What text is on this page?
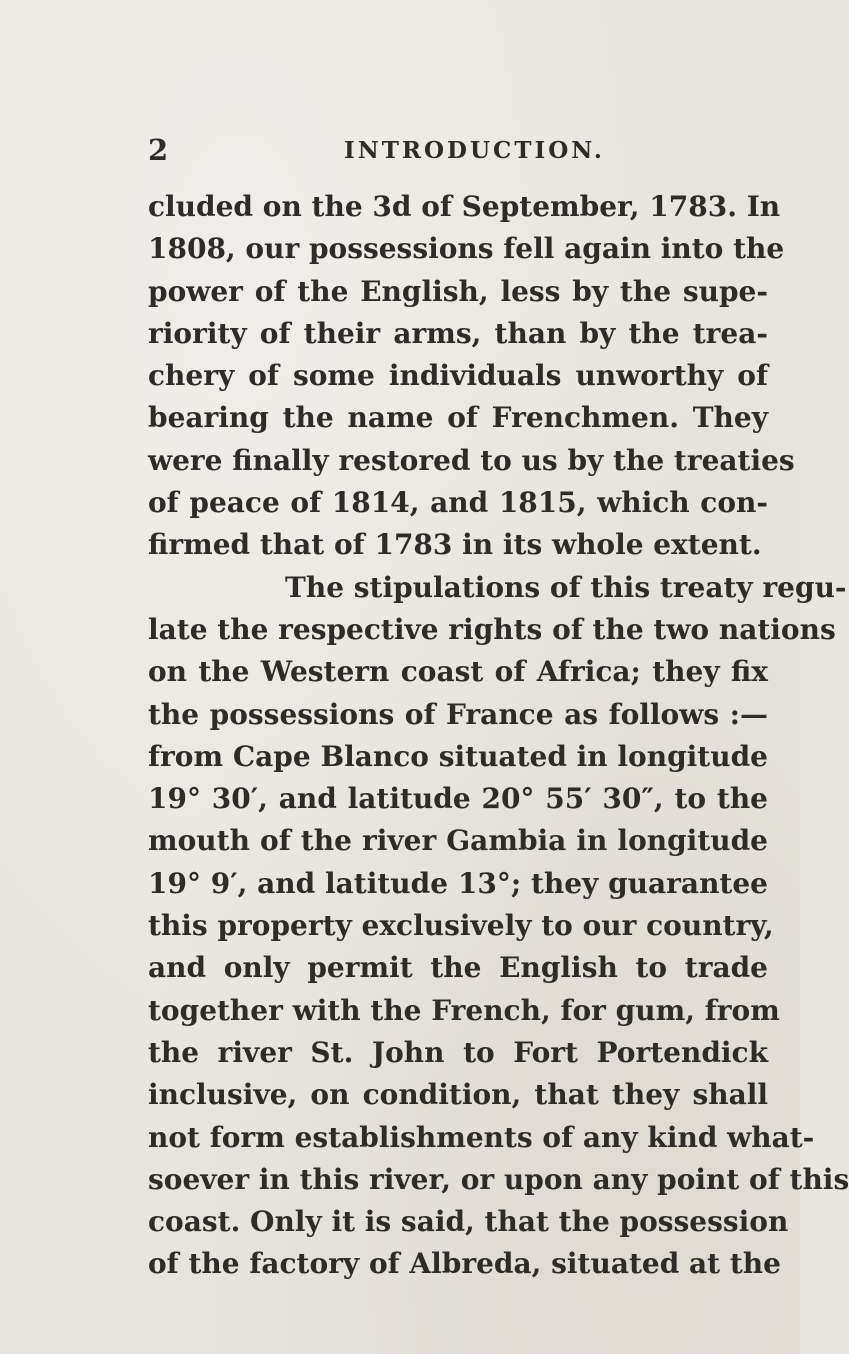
2	INTRODUCTION.
cluded on the 3d of September, 1783. In
1808, our possessions fell again into the
power of the English, less by the supe-
riority of their arms, than by the trea-
chery of some individuals unworthy of
bearing the name of Frenchmen. They
were finally restored to us by the treaties
of peace of 1814, and 1815, which con-
firmed that of 1783 in its whole extent.
The stipulations of this treaty regu-
late the respective rights of the two nations
on the Western coast of Africa; they fix
the possessions of France as follows :—
from Cape Blanco situated in longitude
19° 30′, and latitude 20° 55′ 30″, to the
mouth of the river Gambia in longitude
19° 9′, and latitude 13°; they guarantee
this property exclusively to our country,
and only permit the English to trade
together with the French, for gum, from
the river St. John to Fort Portendick
inclusive, on condition, that they shall
not form establishments of any kind what-
soever in this river, or upon any point of this
coast. Only it is said, that the possession
of the factory of Albreda, situated at the
